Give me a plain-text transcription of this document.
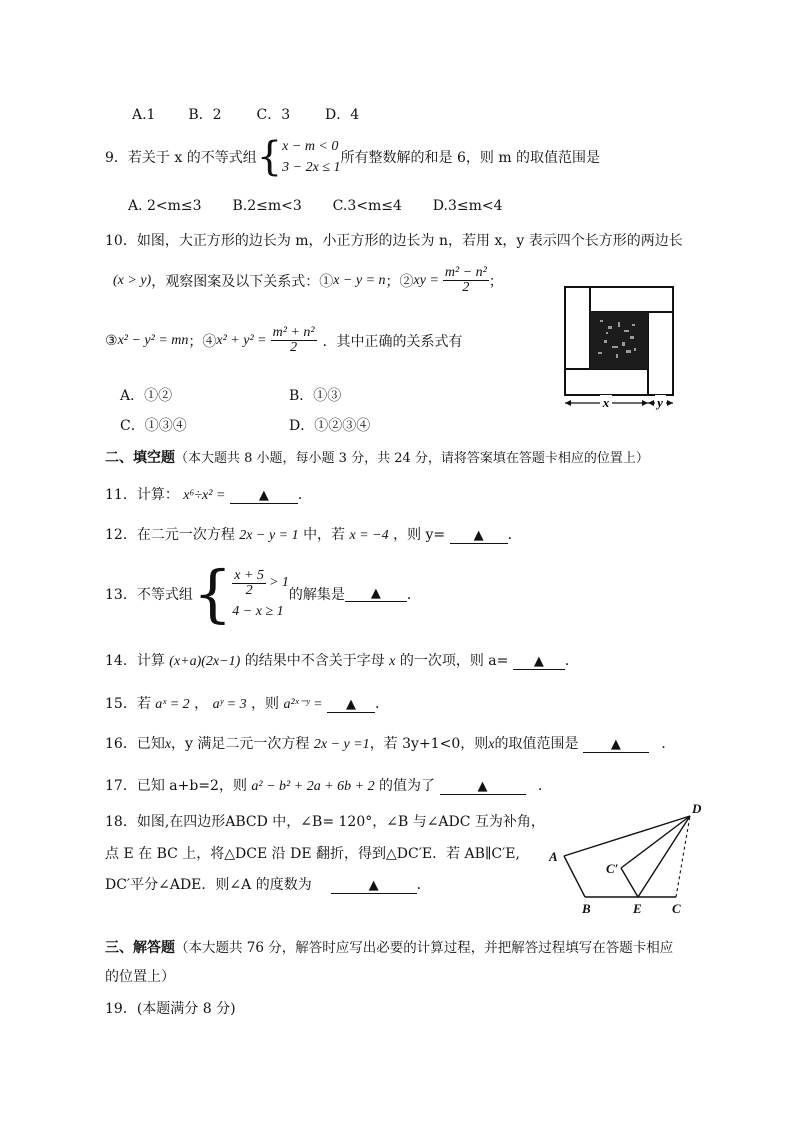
A.1 B．2 C．3 D．4
9．若关于 x 的不等式组 { x − m < 0
3 − 2x ≤ 1
所有整数解的和是 6，则 m 的取值范围是
A. 2<m≤3 B.2≤m<3 C.3<m≤4 D.3≤m<4
10．如图，大正方形的边长为 m，小正方形的边长为 n，若用 x，y 表示四个长方形的两边长
(x > y) ，观察图案及以下关系式：① x − y = n ；② xy = $\frac{\text{m² − n²}}{2}$ ；
③ x² − y² = mn ；④ $x^2 + y^2 = \frac{\text{m² + n²}}{2}$ ．其中正确的关系式有
A．①②	B．①③
C．①③④	D．①②③④
x	y
二、填空题（本大题共 8 小题，每小题 3 分，共 24 分，请将答案填在答题卡相应的位置上）
11．计算： x⁶÷x² =	▲ ．
12．在二元一次方程 2x − y = 1 中，若 x = −4 ，则 y= ▲ ．
13．不等式组 { $\frac{x + 5}{2} > 1$
4 − x ≥ 1
的解集是	▲	．
14．计算 (x+a)(2x−1) 的结果中不含关于字母 x 的一次项，则 a= ▲ ．
15．若 aˣ = 2 ， aʸ = 3 ，则 a²ˣ⁻ʸ = ▲ ．
16．已知x，y 满足二元一次方程 2x − y =1，若 3y+1<0，则x的取值范围是 ▲	．
17．已知 a+b=2，则 a² − b² + 2a + 6b + 2 的值为了	▲	．
18．如图,在四边形ABCD 中，∠B= 120°，∠B 与∠ADC 互为补角，
点 E 在 BC 上，将△DCE 沿 DE 翻折，得到△DC′E．若 AB∥C′E,
DC′平分∠ADE．则∠A 的度数为	▲	．
D
A
B	E C
C′
三、解答题（本大题共 76 分，解答时应写出必要的计算过程，并把解答过程填写在答题卡相应
的位置上）
19．(本题满分 8 分)
